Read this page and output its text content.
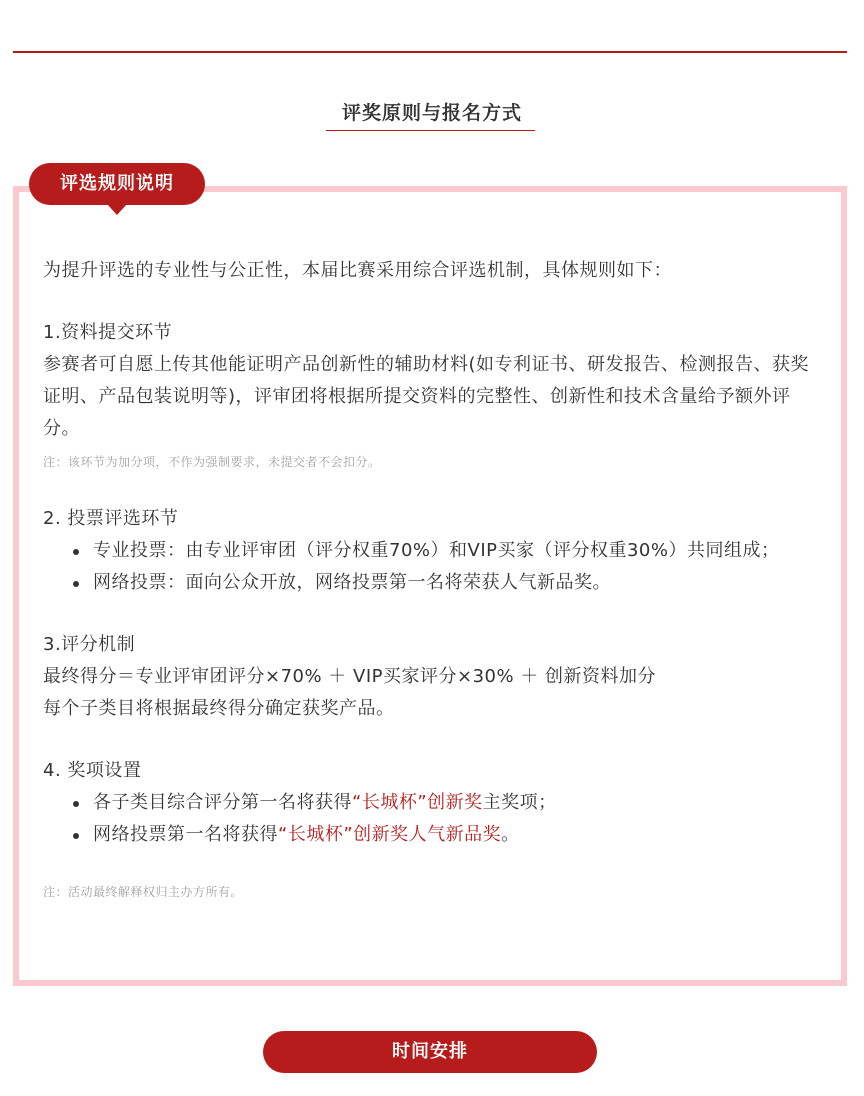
评奖原则与报名方式
评选规则说明

为提升评选的专业性与公正性，本届比赛采用综合评选机制，具体规则如下：

1.资料提交环节

参赛者可自愿上传其他能证明产品创新性的辅助材料(如专利证书、研发报告、检测报告、获奖证明、产品包装说明等)，评审团将根据所提交资料的完整性、创新性和技术含量给予额外评分。

注：该环节为加分项，不作为强制要求，未提交者不会扣分。

2. 投票评选环节

专业投票：由专业评审团（评分权重70%）和VIP买家（评分权重30%）共同组成；
网络投票：面向公众开放，网络投票第一名将荣获人气新品奖。

3.评分机制

最终得分＝专业评审团评分×70% ＋ VIP买家评分×30% ＋ 创新资料加分

每个子类目将根据最终得分确定获奖产品。

4. 奖项设置

各子类目综合评分第一名将获得“长城杯”创新奖主奖项；
网络投票第一名将获得“长城杯”创新奖人气新品奖。

注：活动最终解释权归主办方所有。

时间安排
